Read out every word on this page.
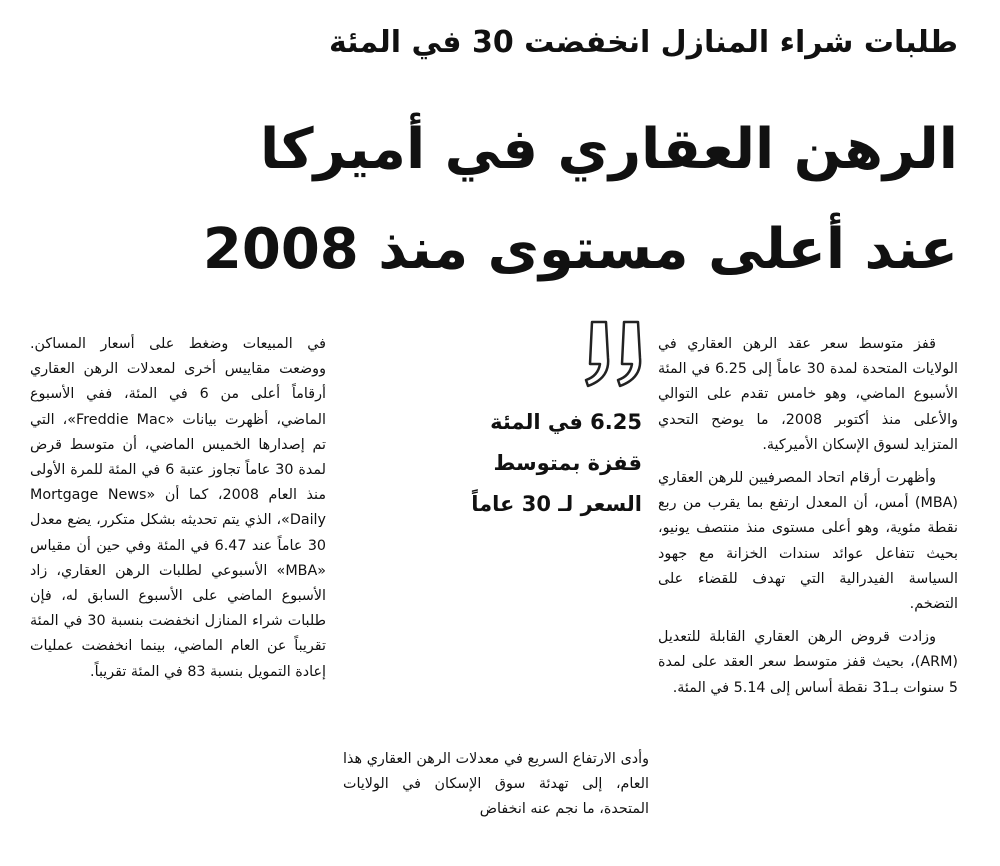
طلبات شراء المنازل انخفضت 30 في المئة
الرهن العقاري في أميركا
عند أعلى مستوى منذ 2008

قفز متوسط سعر عقد الرهن العقاري في الولايات المتحدة لمدة 30 عاماً إلى 6.25 في المئة الأسبوع الماضي، وهو خامس تقدم على التوالي والأعلى منذ أكتوبر 2008، ما يوضح التحدي المتزايد لسوق الإسكان الأميركية.

وأظهرت أرقام اتحاد المصرفيين للرهن العقاري (MBA) أمس، أن المعدل ارتفع بما يقرب من ربع نقطة مئوية، وهو أعلى مستوى منذ منتصف يونيو، بحيث تتفاعل عوائد سندات الخزانة مع جهود السياسة الفيدرالية التي تهدف للقضاء على التضخم.

وزادت قروض الرهن العقاري القابلة للتعديل (ARM)، بحيث قفز متوسط سعر العقد على لمدة 5 سنوات بـ31 نقطة أساس إلى 5.14 في المئة.

6.25 في المئة
قفزة بمتوسط
السعر لـ 30 عاماً

وأدى الارتفاع السريع في معدلات الرهن العقاري هذا العام، إلى تهدئة سوق الإسكان في الولايات المتحدة، ما نجم عنه انخفاض

في المبيعات وضغط على أسعار المساكن. ووضعت مقاييس أخرى لمعدلات الرهن العقاري أرقاماً أعلى من 6 في المئة، ففي الأسبوع الماضي، أظهرت بيانات «Freddie Mac»، التي تم إصدارها الخميس الماضي، أن متوسط قرض لمدة 30 عاماً تجاوز عتبة 6 في المئة للمرة الأولى منذ العام 2008، كما أن «Mortgage News Daily»، الذي يتم تحديثه بشكل متكرر، يضع معدل 30 عاماً عند 6.47 في المئة وفي حين أن مقياس «MBA» الأسبوعي لطلبات الرهن العقاري، زاد الأسبوع الماضي على الأسبوع السابق له، فإن طلبات شراء المنازل انخفضت بنسبة 30 في المئة تقريباً عن العام الماضي، بينما انخفضت عمليات إعادة التمويل بنسبة 83 في المئة تقريباً.
